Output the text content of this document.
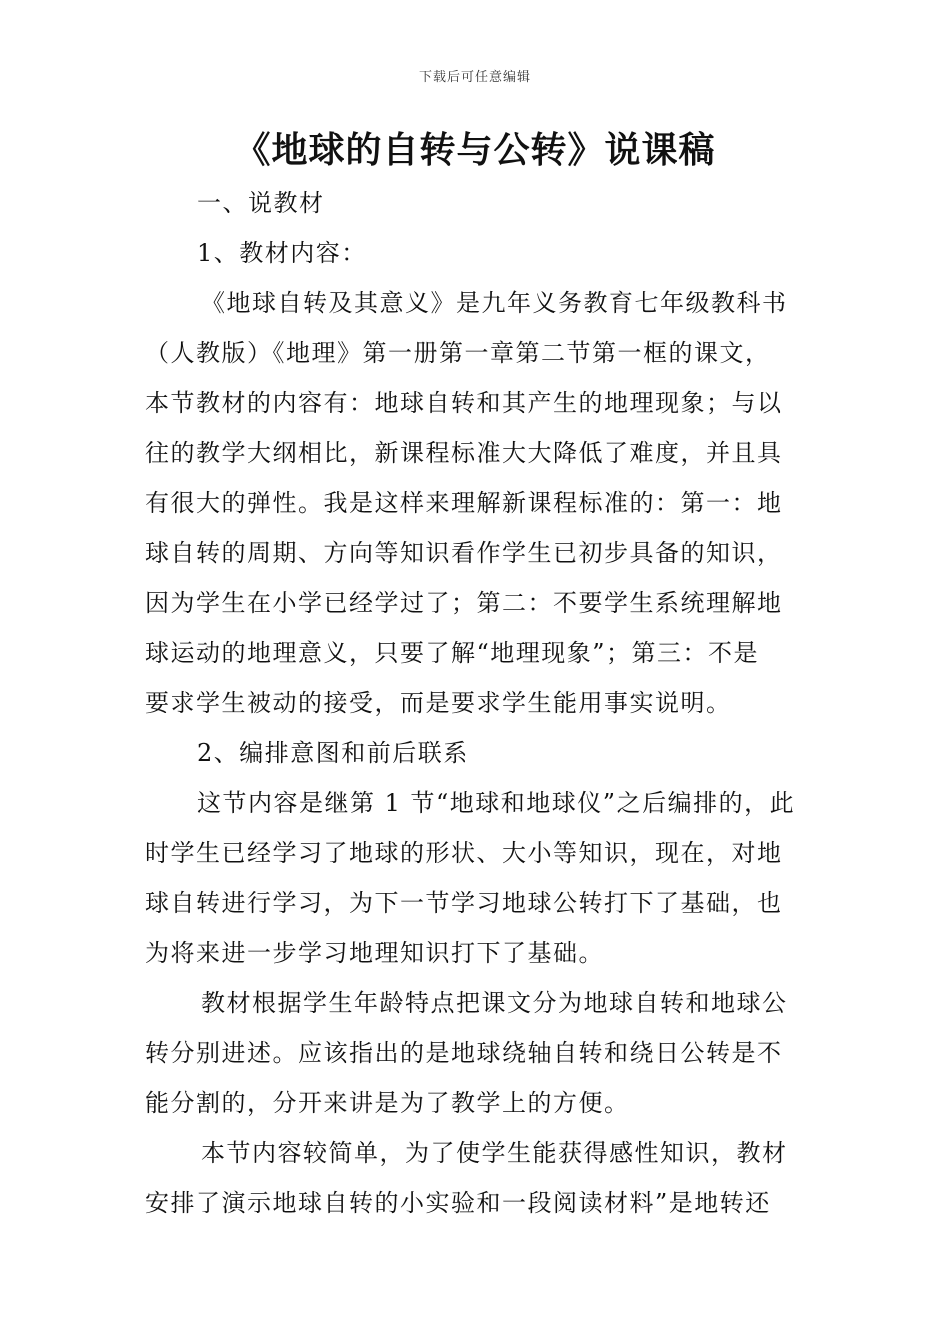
下载后可任意编辑
《地球的自转与公转》说课稿
一、说教材
1、教材内容：
《地球自转及其意义》是九年义务教育七年级教科书
（人教版）《地理》第一册第一章第二节第一框的课文，
本节教材的内容有：地球自转和其产生的地理现象；与以
往的教学大纲相比，新课程标准大大降低了难度，并且具
有很大的弹性。我是这样来理解新课程标准的：第一：地
球自转的周期、方向等知识看作学生已初步具备的知识，
因为学生在小学已经学过了；第二：不要学生系统理解地
球运动的地理意义，只要了解“地理现象”；第三：不是
要求学生被动的接受，而是要求学生能用事实说明。
2、编排意图和前后联系
这节内容是继第 1 节“地球和地球仪”之后编排的，此
时学生已经学习了地球的形状、大小等知识，现在，对地
球自转进行学习，为下一节学习地球公转打下了基础，也
为将来进一步学习地理知识打下了基础。
教材根据学生年龄特点把课文分为地球自转和地球公
转分别进述。应该指出的是地球绕轴自转和绕日公转是不
能分割的，分开来讲是为了教学上的方便。
本节内容较简单，为了使学生能获得感性知识，教材
安排了演示地球自转的小实验和一段阅读材料”是地转还
